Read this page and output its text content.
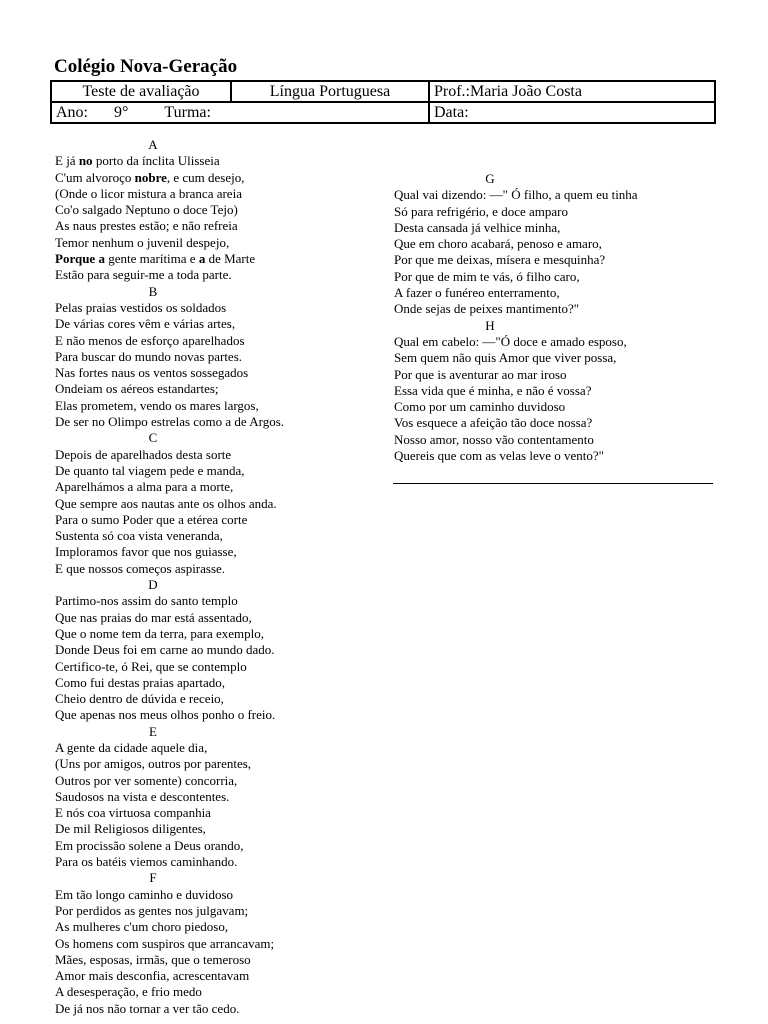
Colégio Nova-Geração
Teste de avaliação	Língua Portuguesa	Prof.:Maria João Costa
Ano: 9° Turma:		Data:
A
E já no porto da ínclita Ulisseia
C'um alvoroço nobre, e cum desejo,
(Onde o licor mistura a branca areia
Co'o salgado Neptuno o doce Tejo)
As naus prestes estão; e não refreia
Temor nenhum o juvenil despejo,
Porque a gente marítima e a de Marte
Estão para seguir-me a toda parte.
B
Pelas praias vestidos os soldados
De várias cores vêm e várias artes,
E não menos de esforço aparelhados
Para buscar do mundo novas partes.
Nas fortes naus os ventos sossegados
Ondeiam os aéreos estandartes;
Elas prometem, vendo os mares largos,
De ser no Olimpo estrelas como a de Argos.
C
Depois de aparelhados desta sorte
De quanto tal viagem pede e manda,
Aparelhámos a alma para a morte,
Que sempre aos nautas ante os olhos anda.
Para o sumo Poder que a etérea corte
Sustenta só coa vista veneranda,
Imploramos favor que nos guiasse,
E que nossos começos aspirasse.
D
Partimo-nos assim do santo templo
Que nas praias do mar está assentado,
Que o nome tem da terra, para exemplo,
Donde Deus foi em carne ao mundo dado.
Certifico-te, ó Rei, que se contemplo
Como fui destas praias apartado,
Cheio dentro de dúvida e receio,
Que apenas nos meus olhos ponho o freio.
E
A gente da cidade aquele dia,
(Uns por amigos, outros por parentes,
Outros por ver somente) concorria,
Saudosos na vista e descontentes.
E nós coa virtuosa companhia
De mil Religiosos diligentes,
Em procissão solene a Deus orando,
Para os batéis viemos caminhando.
F
Em tão longo caminho e duvidoso
Por perdidos as gentes nos julgavam;
As mulheres c'um choro piedoso,
Os homens com suspiros que arrancavam;
Mães, esposas, irmãs, que o temeroso
Amor mais desconfia, acrescentavam
A desesperação, e frio medo
De já nos não tornar a ver tão cedo.
G
Qual vai dizendo: —" Ó filho, a quem eu tinha
Só para refrigério, e doce amparo
Desta cansada já velhice minha,
Que em choro acabará, penoso e amaro,
Por que me deixas, mísera e mesquinha?
Por que de mim te vás, ó filho caro,
A fazer o funéreo enterramento,
Onde sejas de peixes mantimento?"
H
Qual em cabelo: —"Ó doce e amado esposo,
Sem quem não quis Amor que viver possa,
Por que is aventurar ao mar iroso
Essa vida que é minha, e não é vossa?
Como por um caminho duvidoso
Vos esquece a afeição tão doce nossa?
Nosso amor, nosso vão contentamento
Quereis que com as velas leve o vento?"
